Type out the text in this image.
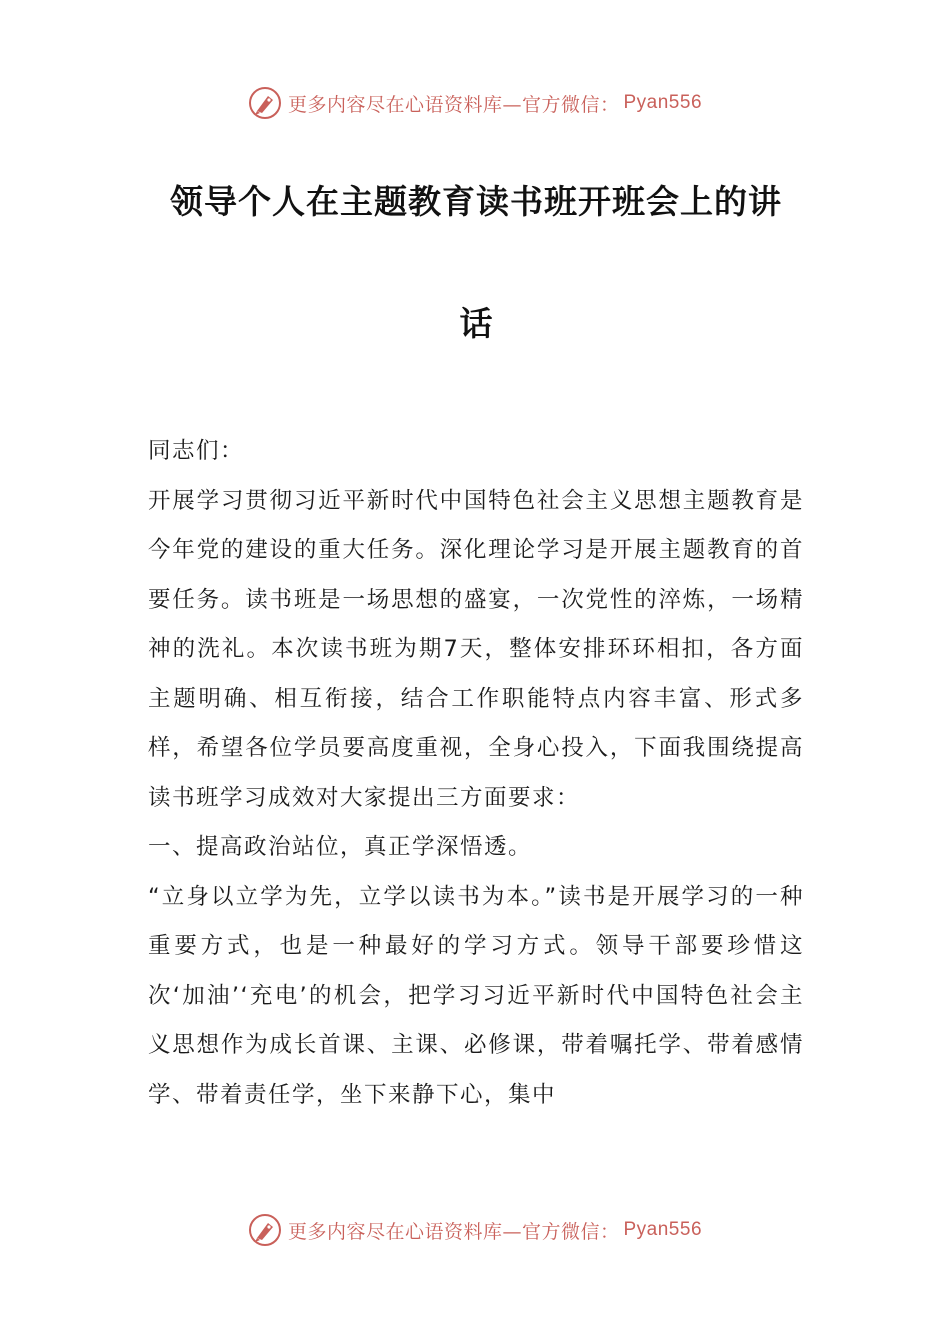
更多内容尽在心语资料库—官方微信： Pyan556
领导个人在主题教育读书班开班会上的讲
话

同志们：

开展学习贯彻习近平新时代中国特色社会主义思想主题教育是今年党的建设的重大任务。深化理论学习是开展主题教育的首要任务。读书班是一场思想的盛宴，一次党性的淬炼，一场精神的洗礼。本次读书班为期7天，整体安排环环相扣，各方面主题明确、相互衔接，结合工作职能特点内容丰富、形式多样，希望各位学员要高度重视，全身心投入，下面我围绕提高读书班学习成效对大家提出三方面要求：

一、提高政治站位，真正学深悟透。

“立身以立学为先，立学以读书为本。”读书是开展学习的一种重要方式，也是一种最好的学习方式。领导干部要珍惜这次‘加油’‘充电’的机会，把学习习近平新时代中国特色社会主义思想作为成长首课、主课、必修课，带着嘱托学、带着感情学、带着责任学，坐下来静下心，集中

更多内容尽在心语资料库—官方微信： Pyan556
